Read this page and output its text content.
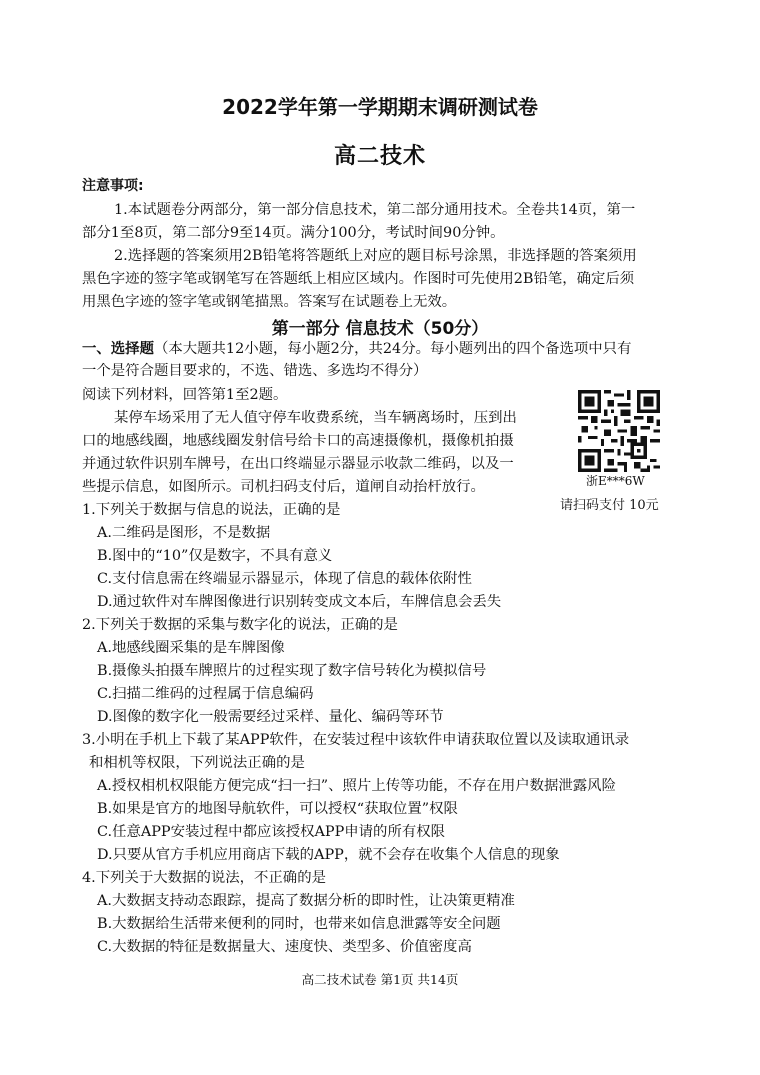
2022学年第一学期期末调研测试卷
高二技术
注意事项:
1.本试题卷分两部分，第一部分信息技术，第二部分通用技术。全卷共14页，第一
部分1至8页，第二部分9至14页。满分100分，考试时间90分钟。
2.选择题的答案须用2B铅笔将答题纸上对应的题目标号涂黑，非选择题的答案须用
黑色字迹的签字笔或钢笔写在答题纸上相应区域内。作图时可先使用2B铅笔，确定后须
用黑色字迹的签字笔或钢笔描黑。答案写在试题卷上无效。
第一部分 信息技术（50分）
一、选择题（本大题共12小题，每小题2分，共24分。每小题列出的四个备选项中只有
一个是符合题目要求的，不选、错选、多选均不得分）
阅读下列材料，回答第1至2题。
某停车场采用了无人值守停车收费系统，当车辆离场时，压到出
口的地感线圈，地感线圈发射信号给卡口的高速摄像机，摄像机拍摄
并通过软件识别车牌号，在出口终端显示器显示收款二维码，以及一
些提示信息，如图所示。司机扫码支付后，道闸自动抬杆放行。	浙E***6W
请扫码支付 10元
1.下列关于数据与信息的说法，正确的是
A.二维码是图形，不是数据
B.图中的“10”仅是数字，不具有意义
C.支付信息需在终端显示器显示，体现了信息的载体依附性
D.通过软件对车牌图像进行识别转变成文本后，车牌信息会丢失
2.下列关于数据的采集与数字化的说法，正确的是
A.地感线圈采集的是车牌图像
B.摄像头拍摄车牌照片的过程实现了数字信号转化为模拟信号
C.扫描二维码的过程属于信息编码
D.图像的数字化一般需要经过采样、量化、编码等环节
3.小明在手机上下载了某APP软件，在安装过程中该软件申请获取位置以及读取通讯录
和相机等权限，下列说法正确的是
A.授权相机权限能方便完成“扫一扫”、照片上传等功能，不存在用户数据泄露风险
B.如果是官方的地图导航软件，可以授权“获取位置”权限
C.任意APP安装过程中都应该授权APP申请的所有权限
D.只要从官方手机应用商店下载的APP，就不会存在收集个人信息的现象
4.下列关于大数据的说法，不正确的是
A.大数据支持动态跟踪，提高了数据分析的即时性，让决策更精准
B.大数据给生活带来便利的同时，也带来如信息泄露等安全问题
C.大数据的特征是数据量大、速度快、类型多、价值密度高
高二技术试卷 第1页 共14页
